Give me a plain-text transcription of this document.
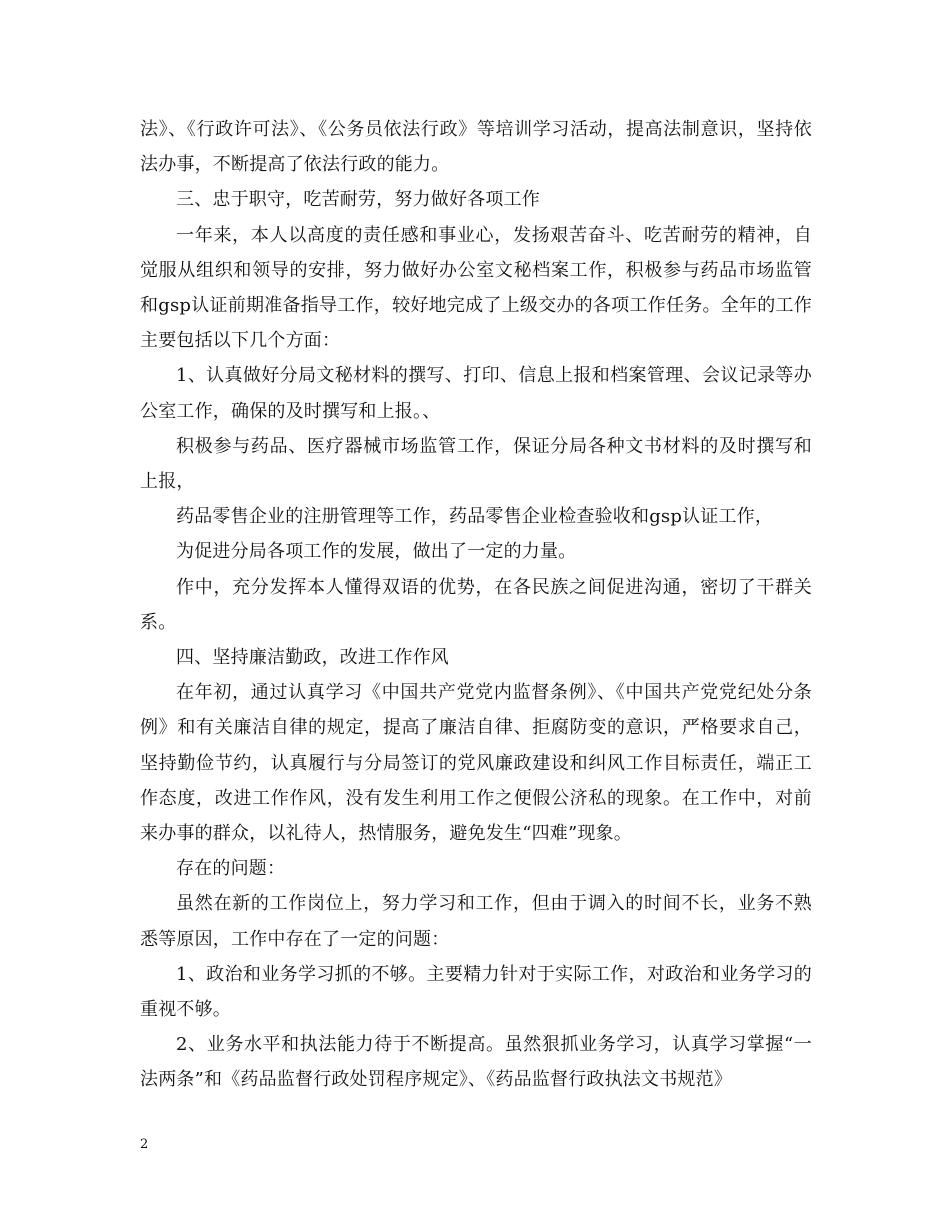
法》、《行政许可法》、《公务员依法行政》等培训学习活动，提高法制意识，坚持依法办事，不断提高了依法行政的能力。

三、忠于职守，吃苦耐劳，努力做好各项工作

一年来，本人以高度的责任感和事业心，发扬艰苦奋斗、吃苦耐劳的精神，自觉服从组织和领导的安排，努力做好办公室文秘档案工作，积极参与药品市场监管和gsp认证前期准备指导工作，较好地完成了上级交办的各项工作任务。全年的工作主要包括以下几个方面：

1、认真做好分局文秘材料的撰写、打印、信息上报和档案管理、会议记录等办公室工作，确保的及时撰写和上报。、

积极参与药品、医疗器械市场监管工作，保证分局各种文书材料的及时撰写和上报，

药品零售企业的注册管理等工作，药品零售企业检查验收和gsp认证工作，

为促进分局各项工作的发展，做出了一定的力量。

作中，充分发挥本人懂得双语的优势，在各民族之间促进沟通，密切了干群关系。

四、坚持廉洁勤政，改进工作作风

在年初，通过认真学习《中国共产党党内监督条例》、《中国共产党党纪处分条例》和有关廉洁自律的规定，提高了廉洁自律、拒腐防变的意识，严格要求自己，坚持勤俭节约，认真履行与分局签订的党风廉政建设和纠风工作目标责任，端正工作态度，改进工作作风，没有发生利用工作之便假公济私的现象。在工作中，对前来办事的群众，以礼待人，热情服务，避免发生“四难”现象。

存在的问题：

虽然在新的工作岗位上，努力学习和工作，但由于调入的时间不长，业务不熟悉等原因，工作中存在了一定的问题：

1、政治和业务学习抓的不够。主要精力针对于实际工作，对政治和业务学习的重视不够。

2、业务水平和执法能力待于不断提高。虽然狠抓业务学习，认真学习掌握“一法两条”和《药品监督行政处罚程序规定》、《药品监督行政执法文书规范》

2
